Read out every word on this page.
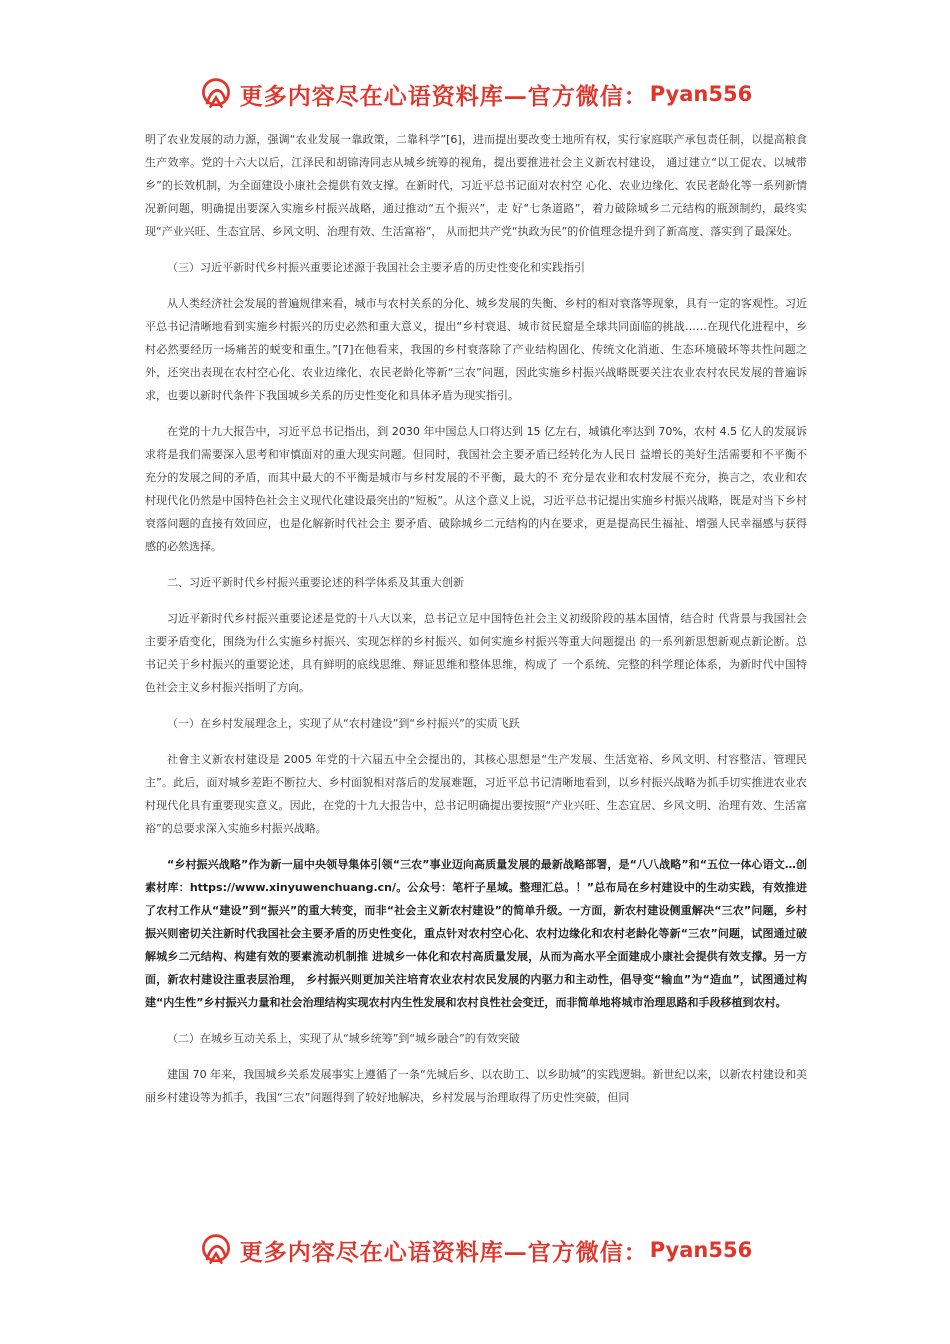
更多内容尽在心语资料库—官方微信： Pyan556

明了农业发展的动力源，强调“农业发展一靠政策，二靠科学”[6]，进而提出要改变土地所有权，实行家庭联产承包责任制，以提高粮食生产效率。党的十六大以后，江泽民和胡锦涛同志从城乡统筹的视角，提出要推进社会主义新农村建设， 通过建立“以工促农、以城带乡”的长效机制，为全面建设小康社会提供有效支撑。在新时代，习近平总书记面对农村空 心化、农业边缘化、农民老龄化等一系列新情况新问题，明确提出要深入实施乡村振兴战略，通过推动“五个振兴”，走 好“七条道路”，着力破除城乡二元结构的瓶颈制约，最终实现“产业兴旺、生态宜居、乡风文明、治理有效、生活富裕”， 从而把共产党“执政为民”的价值理念提升到了新高度、落实到了最深处。

（三）习近平新时代乡村振兴重要论述源于我国社会主要矛盾的历史性变化和实践指引

从人类经济社会发展的普遍规律来看，城市与农村关系的分化、城乡发展的失衡、乡村的相对衰落等现象，具有一定的客观性。习近平总书记清晰地看到实施乡村振兴的历史必然和重大意义，提出“乡村衰退、城市贫民窟是全球共同面临的挑战……在现代化进程中，乡村必然要经历一场痛苦的蜕变和重生。”[7]在他看来，我国的乡村衰落除了产业结构固化、传统文化消逝、生态环境破坏等共性问题之外，还突出表现在农村空心化、农业边缘化、农民老龄化等新“三农”问题，因此实施乡村振兴战略既要关注农业农村农民发展的普遍诉求，也要以新时代条件下我国城乡关系的历史性变化和具体矛盾为现实指引。

在党的十九大报告中，习近平总书记指出，到 2030 年中国总人口将达到 15 亿左右，城镇化率达到 70%，农村 4.5 亿人的发展诉求将是我们需要深入思考和审慎面对的重大现实问题。但同时，我国社会主要矛盾已经转化为人民日 益增长的美好生活需要和不平衡不充分的发展之间的矛盾，而其中最大的不平衡是城市与乡村发展的不平衡，最大的不 充分是农业和农村发展不充分，换言之，农业和农村现代化仍然是中国特色社会主义现代化建设最突出的“短板”。从这个意义上说，习近平总书记提出实施乡村振兴战略，既是对当下乡村衰落问题的直接有效回应，也是化解新时代社会主 要矛盾、破除城乡二元结构的内在要求，更是提高民生福祉、增强人民幸福感与获得感的必然选择。

二、习近平新时代乡村振兴重要论述的科学体系及其重大创新

习近平新时代乡村振兴重要论述是党的十八大以来，总书记立足中国特色社会主义初级阶段的基本国情，结合时 代背景与我国社会主要矛盾变化，围绕为什么实施乡村振兴、实现怎样的乡村振兴、如何实施乡村振兴等重大问题提出 的一系列新思想新观点新论断。总书记关于乡村振兴的重要论述，具有鲜明的底线思维、辩证思维和整体思维，构成了 一个系统、完整的科学理论体系，为新时代中国特色社会主义乡村振兴指明了方向。

（一）在乡村发展理念上，实现了从“农村建设”到“乡村振兴”的实质飞跃

社會主义新农村建设是 2005 年党的十六届五中全会提出的，其核心思想是“生产发展、生活宽裕、乡风文明、村容整洁、管理民主”。此后，面对城乡差距不断拉大、乡村面貌相对落后的发展难题，习近平总书记清晰地看到，以乡村振兴战略为抓手切实推进农业农村现代化具有重要现实意义。因此，在党的十九大报告中，总书记明确提出要按照“产业兴旺、生态宜居、乡风文明、治理有效、生活富裕”的总要求深入实施乡村振兴战略。

“乡村振兴战略”作为新一届中央领导集体引领“三农”事业迈向高质量发展的最新战略部署，是“八八战略”和“五位一体心语文…创素材库：https://www.xinyuwenchuang.cn/。公众号：笔杆子星域。整理汇总。！”总布局在乡村建设中的生动实践，有效推进了农村工作从“建设”到“振兴”的重大转变，而非“社会主义新农村建设”的简单升级。一方面，新农村建设侧重解决“三农”问题，乡村振兴则密切关注新时代我国社会主要矛盾的历史性变化，重点针对农村空心化、农村边缘化和农村老龄化等新“三农”问题，试图通过破解城乡二元结构、构建有效的要素流动机制推 进城乡一体化和农村高质量发展，从而为高水平全面建成小康社会提供有效支撑。另一方面，新农村建设注重表层治理， 乡村振兴则更加关注培育农业农村农民发展的内驱力和主动性，倡导变“输血”为“造血”，试图通过构建“内生性”乡村振兴力量和社会治理结构实现农村内生性发展和农村良性社会变迁，而非简单地将城市治理思路和手段移植到农村。

（二）在城乡互动关系上，实现了从“城乡统筹”到“城乡融合”的有效突破

建国 70 年来，我国城乡关系发展事实上遵循了一条“先城后乡、以农助工、以乡助城”的实践逻辑。新世纪以来，以新农村建设和美丽乡村建设等为抓手，我国“三农”问题得到了较好地解决，乡村发展与治理取得了历史性突破，但同

更多内容尽在心语资料库—官方微信： Pyan556
